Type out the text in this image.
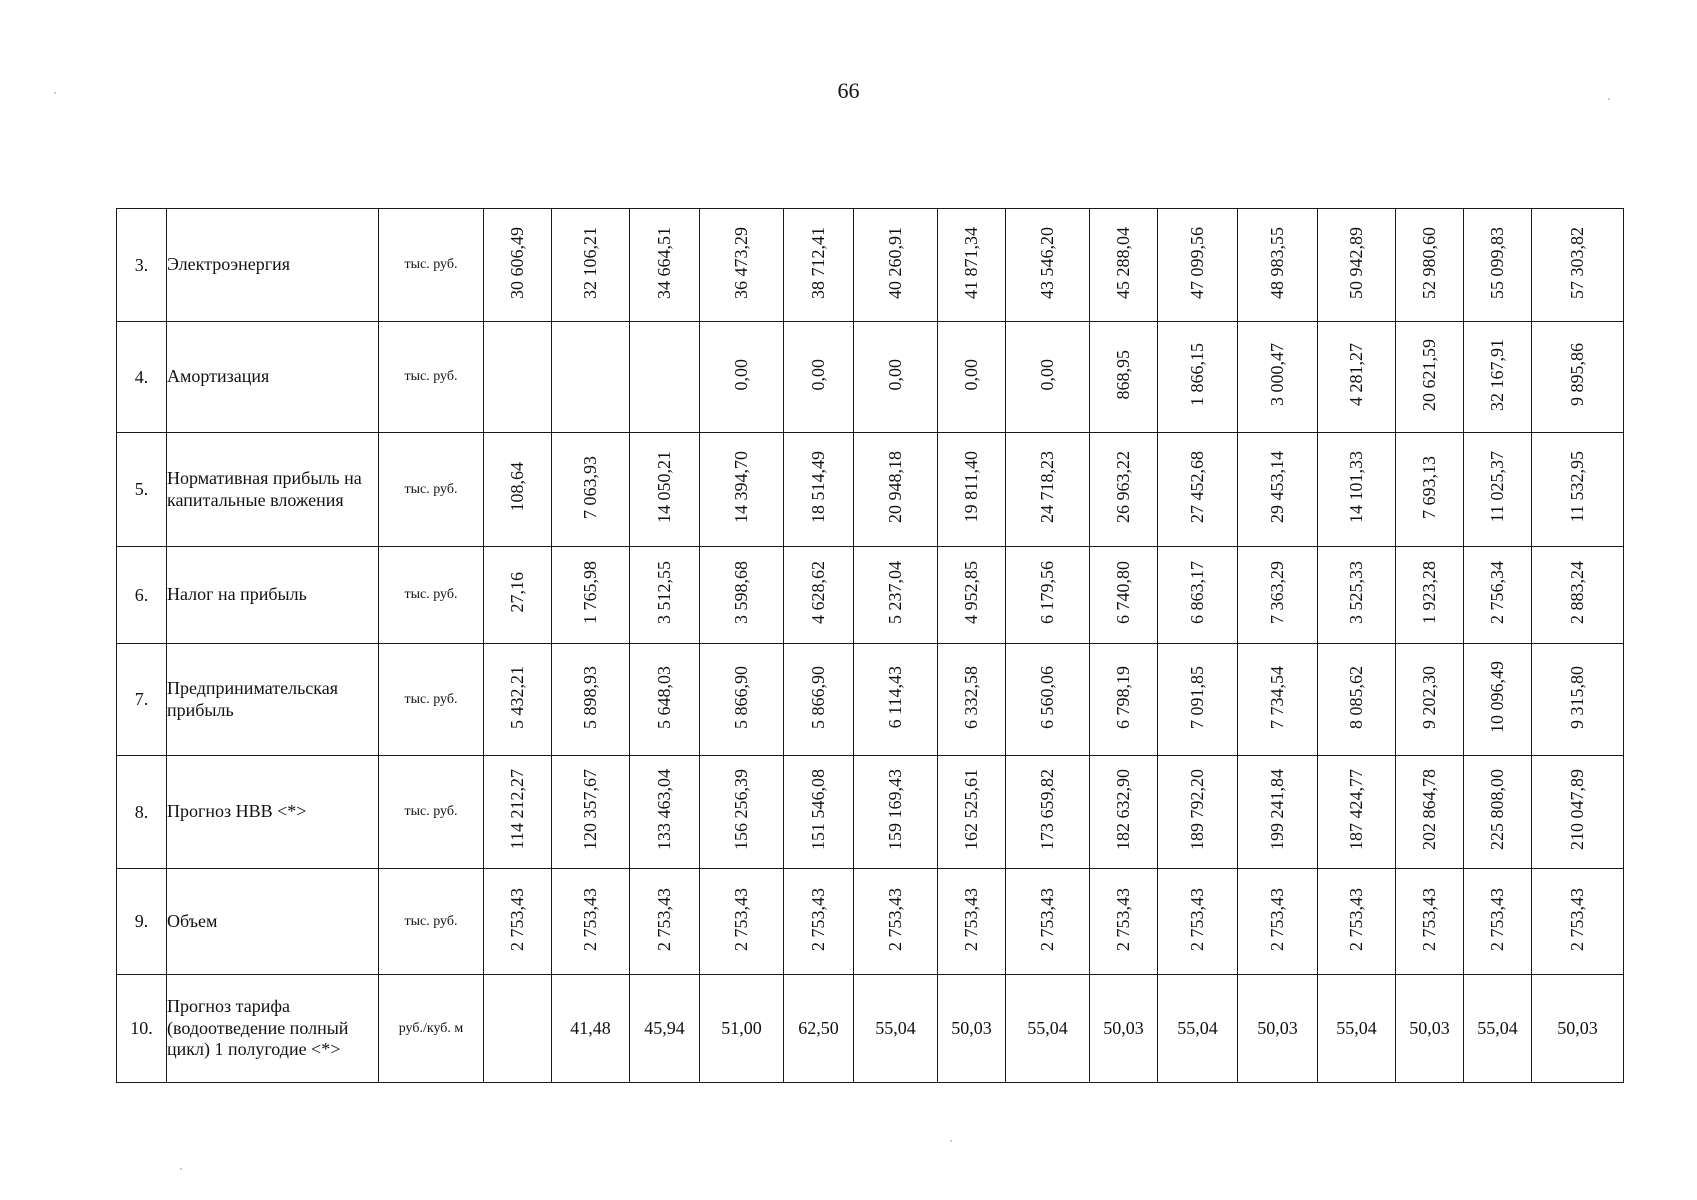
66
3.	Электроэнергия	тыс. руб.	30 606,49	32 106,21	34 664,51	36 473,29	38 712,41	40 260,91	41 871,34	43 546,20	45 288,04	47 099,56	48 983,55	50 942,89	52 980,60	55 099,83	57 303,82
4.	Амортизация	тыс. руб.				0,00	0,00	0,00	0,00	0,00	868,95	1 866,15	3 000,47	4 281,27	20 621,59	32 167,91	9 895,86
5.	Нормативная прибыль на капитальные вложения	тыс. руб.	108,64	7 063,93	14 050,21	14 394,70	18 514,49	20 948,18	19 811,40	24 718,23	26 963,22	27 452,68	29 453,14	14 101,33	7 693,13	11 025,37	11 532,95
6.	Налог на прибыль	тыс. руб.	27,16	1 765,98	3 512,55	3 598,68	4 628,62	5 237,04	4 952,85	6 179,56	6 740,80	6 863,17	7 363,29	3 525,33	1 923,28	2 756,34	2 883,24
7.	Предпринимательская прибыль	тыс. руб.	5 432,21	5 898,93	5 648,03	5 866,90	5 866,90	6 114,43	6 332,58	6 560,06	6 798,19	7 091,85	7 734,54	8 085,62	9 202,30	10 096,49	9 315,80
8.	Прогноз НВВ <*>	тыс. руб.	114 212,27	120 357,67	133 463,04	156 256,39	151 546,08	159 169,43	162 525,61	173 659,82	182 632,90	189 792,20	199 241,84	187 424,77	202 864,78	225 808,00	210 047,89
9.	Объем	тыс. руб.	2 753,43	2 753,43	2 753,43	2 753,43	2 753,43	2 753,43	2 753,43	2 753,43	2 753,43	2 753,43	2 753,43	2 753,43	2 753,43	2 753,43	2 753,43
10.	Прогноз тарифа (водоотведение полный цикл) 1 полугодие <*>	руб./куб. м		41,48	45,94	51,00	62,50	55,04	50,03	55,04	50,03	55,04	50,03	55,04	50,03	55,04	50,03
